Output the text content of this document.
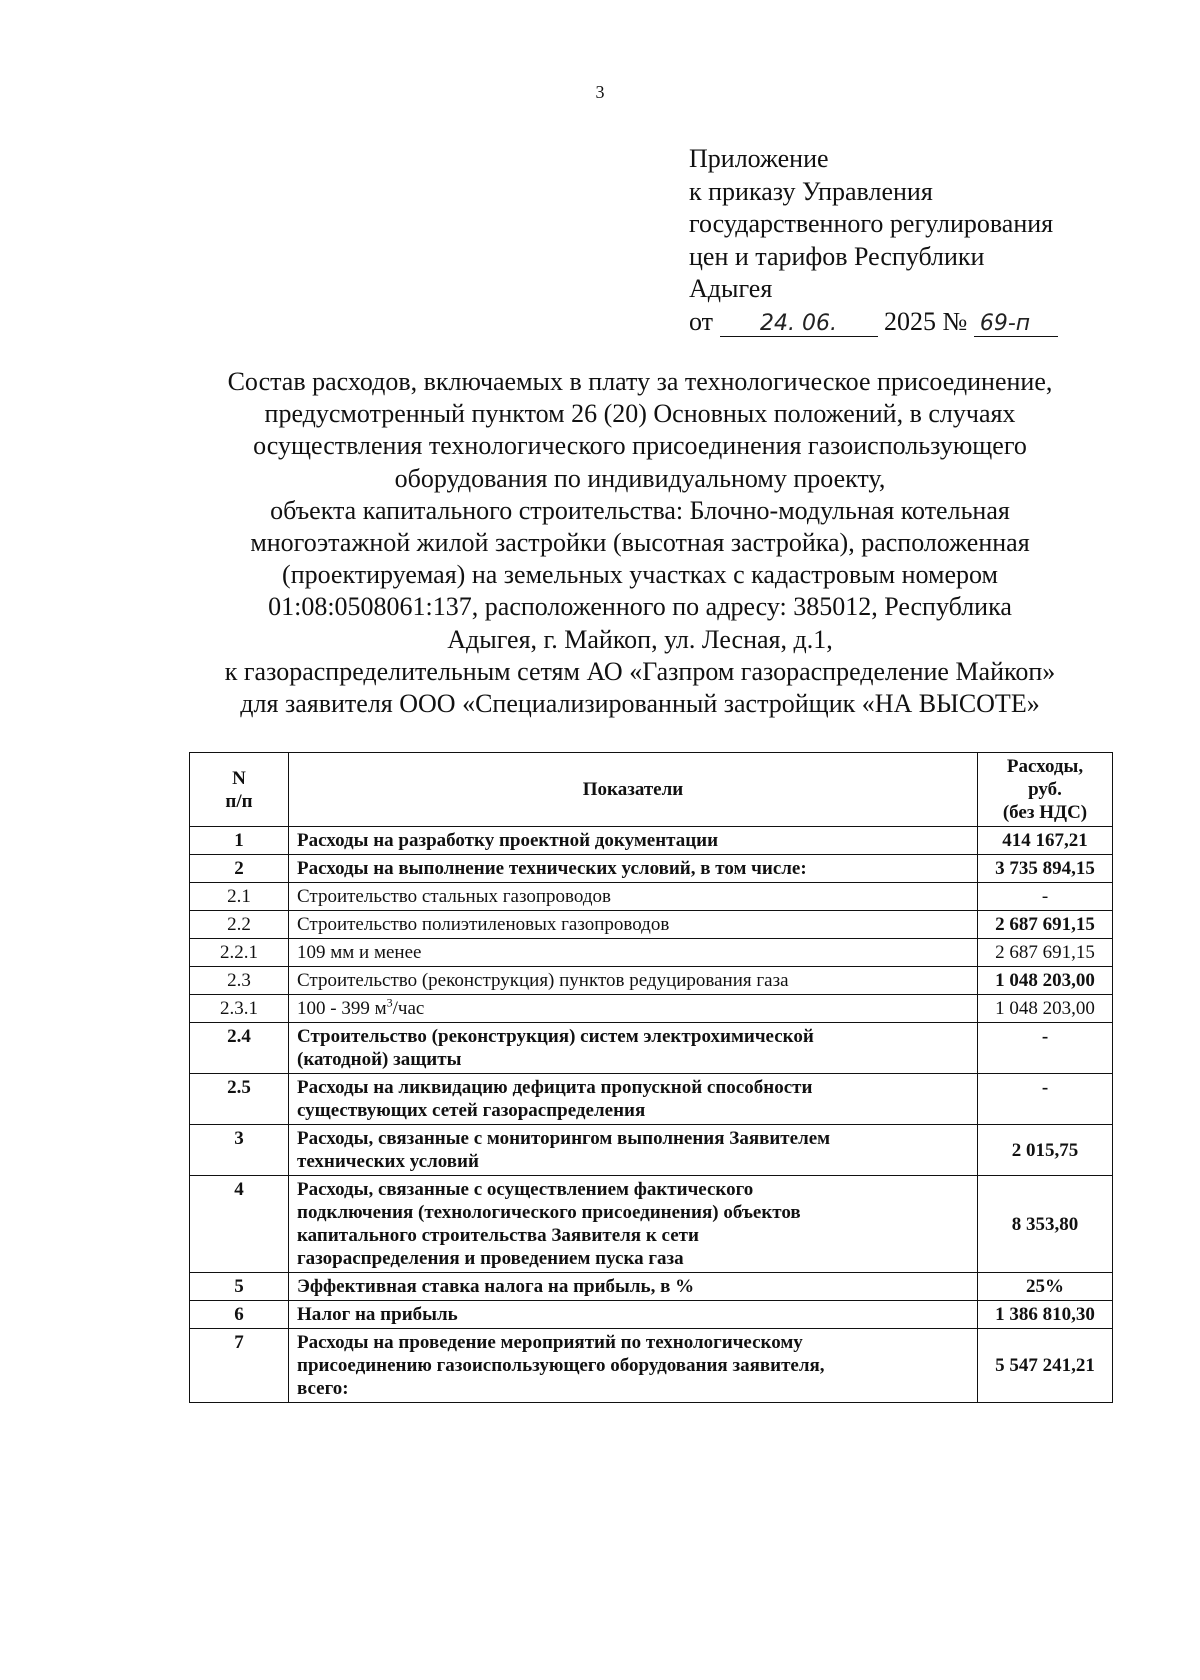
3
Приложение
к приказу Управления
государственного регулирования
цен и тарифов Республики
Адыгея
от 24. 06. 2025 № 69-п
Состав расходов, включаемых в плату за технологическое присоединение,
предусмотренный пунктом 26 (20) Основных положений, в случаях
осуществления технологического присоединения газоиспользующего
оборудования по индивидуальному проекту,
объекта капитального строительства: Блочно-модульная котельная
многоэтажной жилой застройки (высотная застройка), расположенная
(проектируемая) на земельных участках с кадастровым номером
01:08:0508061:137, расположенного по адресу: 385012, Республика
Адыгея, г. Майкоп, ул. Лесная, д.1,
к газораспределительным сетям АО «Газпром газораспределение Майкоп»
для заявителя ООО «Специализированный застройщик «НА ВЫСОТЕ»
N
п/п	Показатели	Расходы,
руб.
(без НДС)
1	Расходы на разработку проектной документации	414 167,21
2	Расходы на выполнение технических условий, в том числе:	3 735 894,15
2.1	Строительство стальных газопроводов	-
2.2	Строительство полиэтиленовых газопроводов	2 687 691,15
2.2.1	109 мм и менее	2 687 691,15
2.3	Строительство (реконструкция) пунктов редуцирования газа	1 048 203,00
2.3.1	100 - 399 $м^3$/час	1 048 203,00
2.4	Строительство (реконструкция) систем электрохимической
(катодной) защиты	-
2.5	Расходы на ликвидацию дефицита пропускной способности
существующих сетей газораспределения	-
3	Расходы, связанные с мониторингом выполнения Заявителем
технических условий	2 015,75
4	Расходы, связанные с осуществлением фактического
подключения (технологического присоединения) объектов
капитального строительства Заявителя к сети
газораспределения и проведением пуска газа	8 353,80
5	Эффективная ставка налога на прибыль, в %	25%
6	Налог на прибыль	1 386 810,30
7	Расходы на проведение мероприятий по технологическому
присоединению газоиспользующего оборудования заявителя,
всего:	5 547 241,21
